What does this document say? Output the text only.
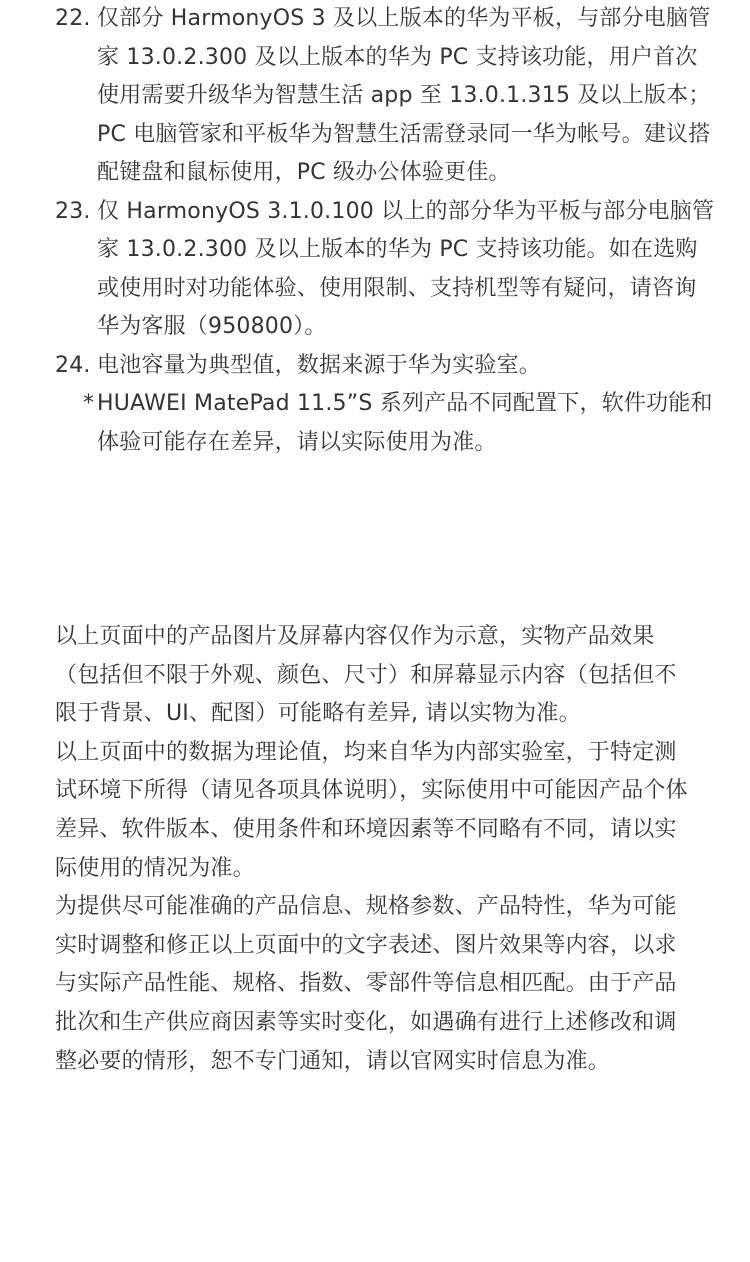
22. 仅部分 HarmonyOS 3 及以上版本的华为平板，与部分电脑管家 13.0.2.300 及以上版本的华为 PC 支持该功能，用户首次使用需要升级华为智慧生活 app 至 13.0.1.315 及以上版本；PC 电脑管家和平板华为智慧生活需登录同一华为帐号。建议搭配键盘和鼠标使用，PC 级办公体验更佳。
23. 仅 HarmonyOS 3.1.0.100 以上的部分华为平板与部分电脑管家 13.0.2.300 及以上版本的华为 PC 支持该功能。如在选购或使用时对功能体验、使用限制、支持机型等有疑问，请咨询华为客服（950800）。
24. 电池容量为典型值，数据来源于华为实验室。
* HUAWEI MatePad 11.5”S 系列产品不同配置下，软件功能和体验可能存在差异，请以实际使用为准。

以上页面中的产品图片及屏幕内容仅作为示意，实物产品效果（包括但不限于外观、颜色、尺寸）和屏幕显示内容（包括但不限于背景、UI、配图）可能略有差异, 请以实物为准。

以上页面中的数据为理论值，均来自华为内部实验室，于特定测试环境下所得（请见各项具体说明），实际使用中可能因产品个体差异、软件版本、使用条件和环境因素等不同略有不同，请以实际使用的情况为准。

为提供尽可能准确的产品信息、规格参数、产品特性，华为可能实时调整和修正以上页面中的文字表述、图片效果等内容，以求与实际产品性能、规格、指数、零部件等信息相匹配。由于产品批次和生产供应商因素等实时变化，如遇确有进行上述修改和调整必要的情形，恕不专门通知，请以官网实时信息为准。
